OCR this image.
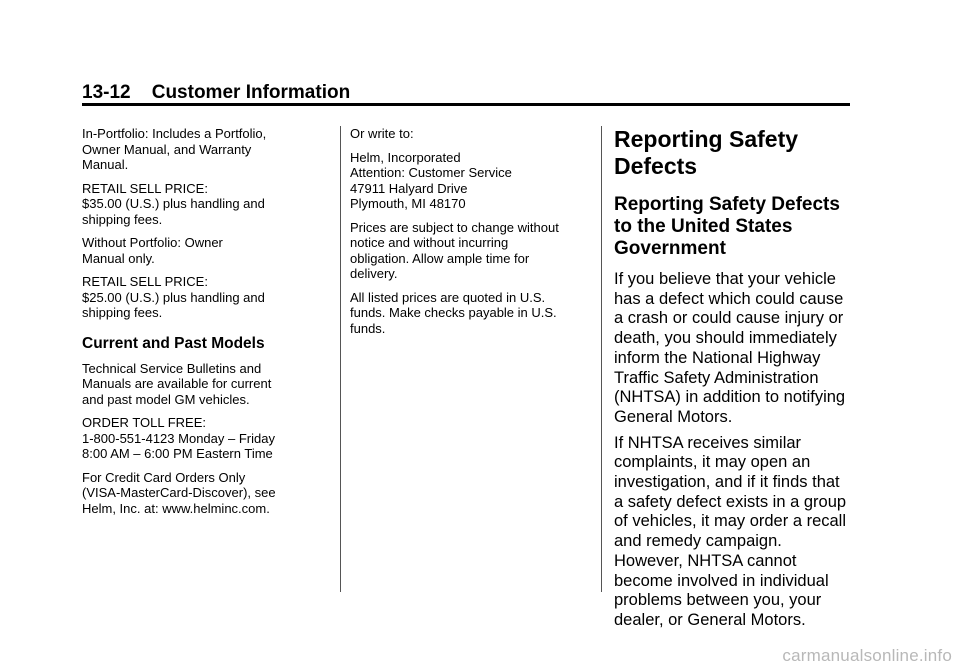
13-12 Customer Information

In-Portfolio: Includes a Portfolio,
Owner Manual, and Warranty
Manual.

RETAIL SELL PRICE:
$35.00 (U.S.) plus handling and
shipping fees.

Without Portfolio: Owner
Manual only.

RETAIL SELL PRICE:
$25.00 (U.S.) plus handling and
shipping fees.

Current and Past Models

Technical Service Bulletins and
Manuals are available for current
and past model GM vehicles.

ORDER TOLL FREE:
1-800-551-4123 Monday – Friday
8:00 AM – 6:00 PM Eastern Time

For Credit Card Orders Only
(VISA-MasterCard-Discover), see
Helm, Inc. at: www.helminc.com.

Or write to:

Helm, Incorporated
Attention: Customer Service
47911 Halyard Drive
Plymouth, MI 48170

Prices are subject to change without
notice and without incurring
obligation. Allow ample time for
delivery.

All listed prices are quoted in U.S.
funds. Make checks payable in U.S.
funds.

Reporting Safety
Defects
Reporting Safety Defects
to the United States
Government

If you believe that your vehicle
has a defect which could cause
a crash or could cause injury or
death, you should immediately
inform the National Highway
Traffic Safety Administration
(NHTSA) in addition to notifying
General Motors.

If NHTSA receives similar
complaints, it may open an
investigation, and if it finds that
a safety defect exists in a group
of vehicles, it may order a recall
and remedy campaign.
However, NHTSA cannot
become involved in individual
problems between you, your
dealer, or General Motors.

carmanualsonline.info
